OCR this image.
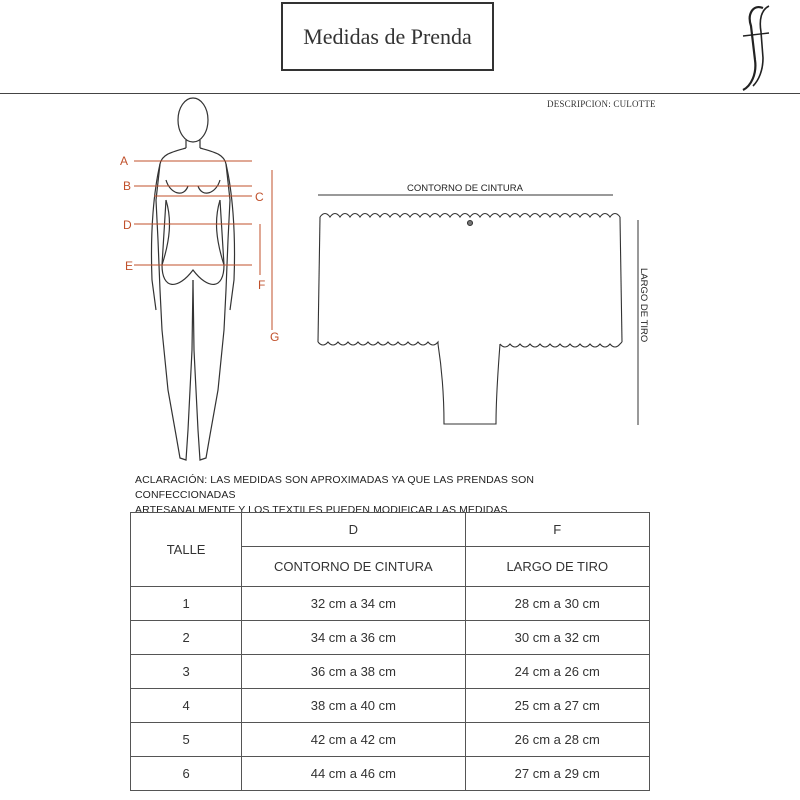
Medidas de Prenda
ff
DESCRIPCION: CULOTTE
A
B
C
D
E
F
G
CONTORNO DE CINTURA
LARGO DE TIRO
ACLARACIÓN: LAS MEDIDAS SON APROXIMADAS YA QUE LAS PRENDAS SON CONFECCIONADAS
ARTESANALMENTE Y LOS TEXTILES PUEDEN MODIFICAR LAS MEDIDAS.
TALLE	D	F
	CONTORNO DE CINTURA	LARGO DE TIRO
1	32 cm a 34 cm	28 cm a 30 cm
2	34 cm a 36 cm	30 cm a 32 cm
3	36 cm a 38 cm	24 cm a 26 cm
4	38 cm a 40 cm	25 cm a 27 cm
5	42 cm a 42 cm	26 cm a 28 cm
6	44 cm a 46 cm	27 cm a 29 cm
